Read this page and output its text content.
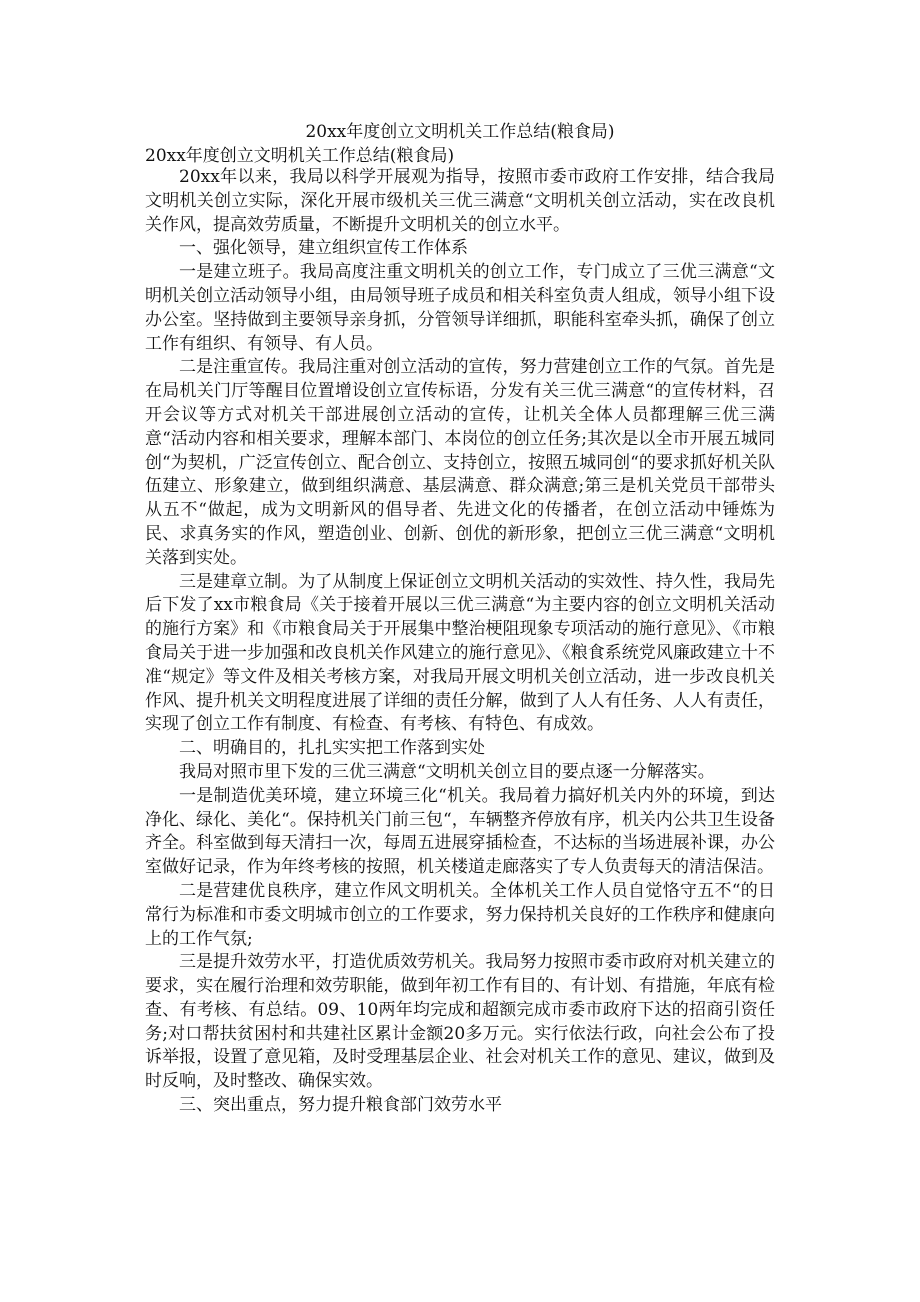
20xx年度创立文明机关工作总结(粮食局)
20xx年度创立文明机关工作总结(粮食局)

20xx年以来，我局以科学开展观为指导，按照市委市政府工作安排，结合我局文明机关创立实际，深化开展市级机关三优三满意“文明机关创立活动，实在改良机关作风，提高效劳质量，不断提升文明机关的创立水平。

一、强化领导，建立组织宣传工作体系

一是建立班子。我局高度注重文明机关的创立工作，专门成立了三优三满意“文明机关创立活动领导小组，由局领导班子成员和相关科室负责人组成，领导小组下设办公室。坚持做到主要领导亲身抓，分管领导详细抓，职能科室牵头抓，确保了创立工作有组织、有领导、有人员。

二是注重宣传。我局注重对创立活动的宣传，努力营建创立工作的气氛。首先是在局机关门厅等醒目位置增设创立宣传标语，分发有关三优三满意“的宣传材料，召开会议等方式对机关干部进展创立活动的宣传，让机关全体人员都理解三优三满意“活动内容和相关要求，理解本部门、本岗位的创立任务;其次是以全市开展五城同创“为契机，广泛宣传创立、配合创立、支持创立，按照五城同创“的要求抓好机关队伍建立、形象建立，做到组织满意、基层满意、群众满意;第三是机关党员干部带头从五不“做起，成为文明新风的倡导者、先进文化的传播者，在创立活动中锤炼为民、求真务实的作风，塑造创业、创新、创优的新形象，把创立三优三满意“文明机关落到实处。

三是建章立制。为了从制度上保证创立文明机关活动的实效性、持久性，我局先后下发了xx市粮食局《关于接着开展以三优三满意“为主要内容的创立文明机关活动的施行方案》和《市粮食局关于开展集中整治梗阻现象专项活动的施行意见》、《市粮食局关于进一步加强和改良机关作风建立的施行意见》、《粮食系统党风廉政建立十不准“规定》等文件及相关考核方案，对我局开展文明机关创立活动，进一步改良机关作风、提升机关文明程度进展了详细的责任分解，做到了人人有任务、人人有责任，实现了创立工作有制度、有检查、有考核、有特色、有成效。

二、明确目的，扎扎实实把工作落到实处

我局对照市里下发的三优三满意“文明机关创立目的要点逐一分解落实。

一是制造优美环境，建立环境三化“机关。我局着力搞好机关内外的环境，到达净化、绿化、美化“。保持机关门前三包“，车辆整齐停放有序，机关内公共卫生设备齐全。科室做到每天清扫一次，每周五进展穿插检查，不达标的当场进展补课，办公室做好记录，作为年终考核的按照，机关楼道走廊落实了专人负责每天的清洁保洁。

二是营建优良秩序，建立作风文明机关。全体机关工作人员自觉恪守五不“的日常行为标准和市委文明城市创立的工作要求，努力保持机关良好的工作秩序和健康向上的工作气氛;

三是提升效劳水平，打造优质效劳机关。我局努力按照市委市政府对机关建立的要求，实在履行治理和效劳职能，做到年初工作有目的、有计划、有措施，年底有检查、有考核、有总结。09、10两年均完成和超额完成市委市政府下达的招商引资任务;对口帮扶贫困村和共建社区累计金额20多万元。实行依法行政，向社会公布了投诉举报，设置了意见箱，及时受理基层企业、社会对机关工作的意见、建议，做到及时反响，及时整改、确保实效。

三、突出重点，努力提升粮食部门效劳水平
